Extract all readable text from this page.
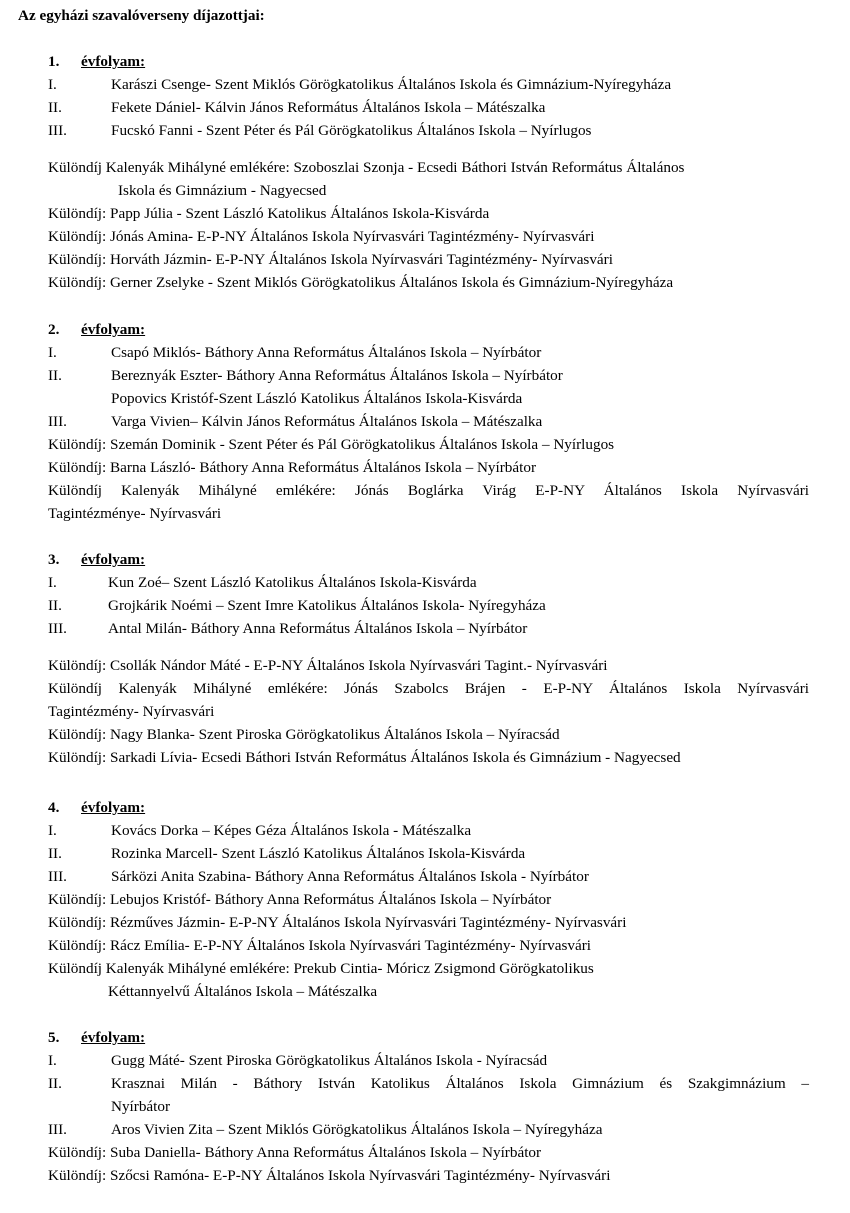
Az egyházi szavalóverseny díjazottjai:
1. évfolyam:
I.	Karászi Csenge- Szent Miklós Görögkatolikus Általános Iskola és Gimnázium-Nyíregyháza
II.	Fekete Dániel- Kálvin János Református Általános Iskola – Mátészalka
III.	Fucskó Fanni - Szent Péter és Pál Görögkatolikus Általános Iskola – Nyírlugos
Különdíj Kalenyák Mihályné emlékére: Szoboszlai Szonja - Ecsedi Báthori István Református Általános
Iskola és Gimnázium - Nagyecsed
Különdíj: Papp Júlia - Szent László Katolikus Általános Iskola-Kisvárda
Különdíj: Jónás Amina- E-P-NY Általános Iskola Nyírvasvári Tagintézmény- Nyírvasvári
Különdíj: Horváth Jázmin- E-P-NY Általános Iskola Nyírvasvári Tagintézmény- Nyírvasvári
Különdíj: Gerner Zselyke - Szent Miklós Görögkatolikus Általános Iskola és Gimnázium-Nyíregyháza
2. évfolyam:
I.	Csapó Miklós- Báthory Anna Református Általános Iskola – Nyírbátor
II.	Bereznyák Eszter- Báthory Anna Református Általános Iskola – Nyírbátor
Popovics Kristóf-Szent László Katolikus Általános Iskola-Kisvárda
III.	Varga Vivien– Kálvin János Református Általános Iskola – Mátészalka
Különdíj: Szemán Dominik - Szent Péter és Pál Görögkatolikus Általános Iskola – Nyírlugos
Különdíj: Barna László- Báthory Anna Református Általános Iskola – Nyírbátor
Különdíj Kalenyák Mihályné emlékére: Jónás Boglárka Virág E-P-NY Általános Iskola Nyírvasvári
Tagintézménye- Nyírvasvári
3. évfolyam:
I.	Kun Zoé– Szent László Katolikus Általános Iskola-Kisvárda
II.	Grojkárik Noémi – Szent Imre Katolikus Általános Iskola- Nyíregyháza
III.	Antal Milán- Báthory Anna Református Általános Iskola – Nyírbátor
Különdíj: Csollák Nándor Máté - E-P-NY Általános Iskola Nyírvasvári Tagint.- Nyírvasvári
Különdíj Kalenyák Mihályné emlékére: Jónás Szabolcs Brájen - E-P-NY Általános Iskola Nyírvasvári
Tagintézmény- Nyírvasvári
Különdíj: Nagy Blanka- Szent Piroska Görögkatolikus Általános Iskola – Nyíracsád
Különdíj: Sarkadi Lívia- Ecsedi Báthori István Református Általános Iskola és Gimnázium - Nagyecsed
4. évfolyam:
I.	Kovács Dorka – Képes Géza Általános Iskola - Mátészalka
II.	Rozinka Marcell- Szent László Katolikus Általános Iskola-Kisvárda
III.	Sárközi Anita Szabina- Báthory Anna Református Általános Iskola - Nyírbátor
Különdíj: Lebujos Kristóf- Báthory Anna Református Általános Iskola – Nyírbátor
Különdíj: Rézműves Jázmin- E-P-NY Általános Iskola Nyírvasvári Tagintézmény- Nyírvasvári
Különdíj: Rácz Emília- E-P-NY Általános Iskola Nyírvasvári Tagintézmény- Nyírvasvári
Különdíj Kalenyák Mihályné emlékére: Prekub Cintia- Móricz Zsigmond Görögkatolikus
Kéttannyelvű Általános Iskola – Mátészalka
5. évfolyam:
I.	Gugg Máté- Szent Piroska Görögkatolikus Általános Iskola - Nyíracsád
II.	Krasznai Milán - Báthory István Katolikus Általános Iskola Gimnázium és Szakgimnázium –
Nyírbátor
III.	Aros Vivien Zita – Szent Miklós Görögkatolikus Általános Iskola – Nyíregyháza
Különdíj: Suba Daniella- Báthory Anna Református Általános Iskola – Nyírbátor
Különdíj: Szőcsi Ramóna- E-P-NY Általános Iskola Nyírvasvári Tagintézmény- Nyírvasvári
